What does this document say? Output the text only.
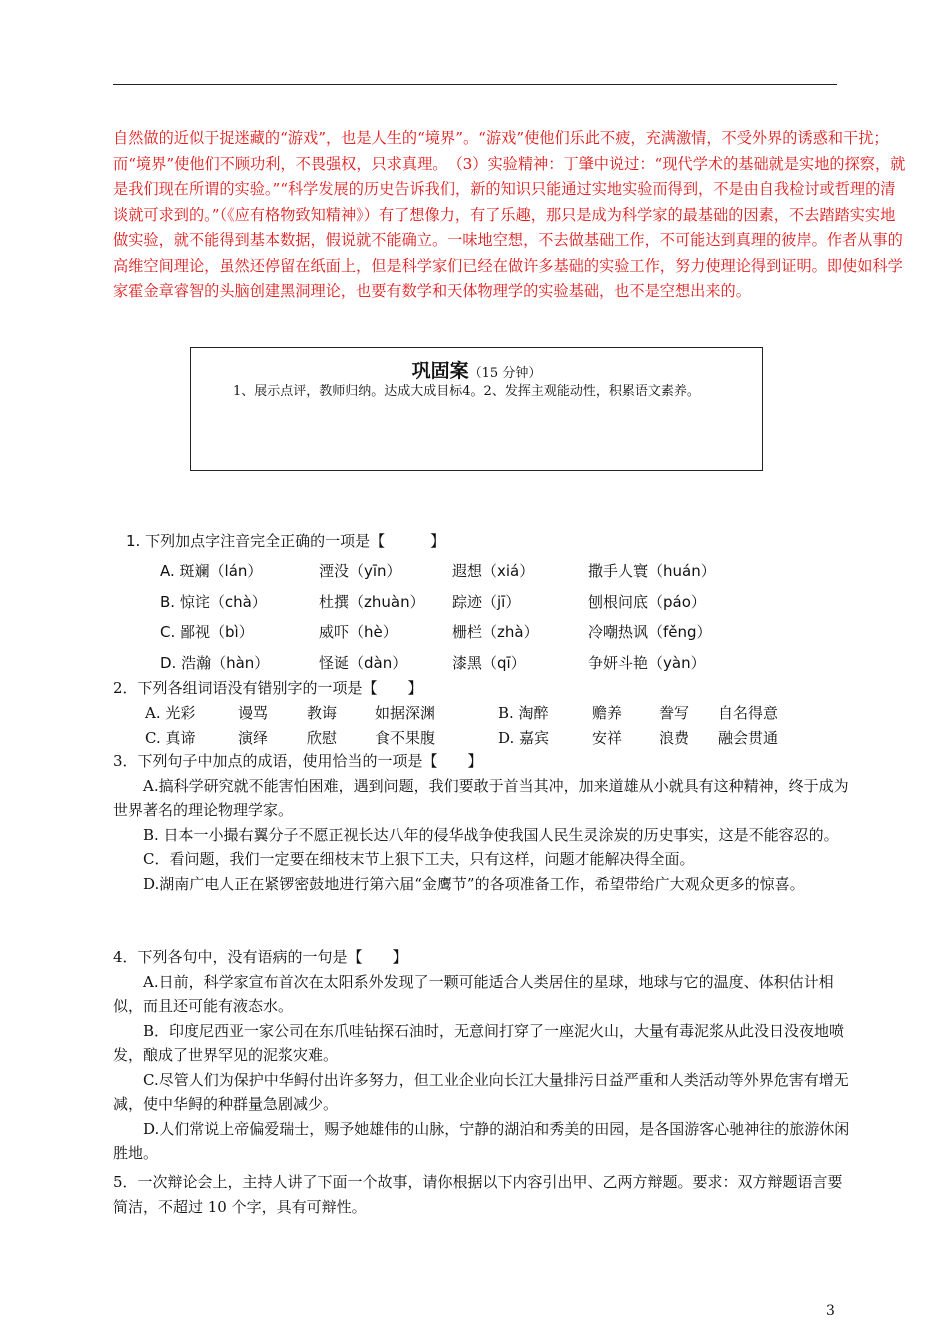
自然做的近似于捉迷藏的“游戏”，也是人生的“境界”。“游戏”使他们乐此不疲，充满激情，不受外界的诱惑和干扰；而“境界”使他们不顾功利，不畏强权，只求真理。　（3）实验精神：丁肇中说过：“现代学术的基础就是实地的探察，就是我们现在所谓的实验。”“科学发展的历史告诉我们，新的知识只能通过实地实验而得到，不是由自我检讨或哲理的清谈就可求到的。”（《应有格物致知精神》）有了想像力，有了乐趣，那只是成为科学家的最基础的因素，不去踏踏实实地做实验，就不能得到基本数据，假说就不能确立。一味地空想，不去做基础工作，不可能达到真理的彼岸。作者从事的高维空间理论，虽然还停留在纸面上，但是科学家们已经在做许多基础的实验工作，努力使理论得到证明。即使如科学家霍金章睿智的头脑创建黑洞理论，也要有数学和天体物理学的实验基础，也不是空想出来的。
巩固案（15 分钟）
1、展示点评，教师归纳。达成大成目标4。2、发挥主观能动性，积累语文素养。
1. 下列加点字注音完全正确的一项是【　　　】
A. 斑斓（lán）	湮没（yīn）	遐想（xiá）	撒手人寰（huán）
B. 惊诧（chà）	杜撰（zhuàn） 踪迹（jī）	刨根问底（páo）
C. 鄙视（bì）	威吓（hè）	栅栏（zhà）	冷嘲热讽（fěng）
D. 浩瀚（hàn）	怪诞（dàn）	漆黑（qī）	争妍斗艳（yàn）
2．下列各组词语没有错别字的一项是【　　】
A. 光彩	谩骂	教诲	如据深渊	B. 淘醉	赡养 誊写 自名得意
C. 真谛	演绎	欣慰	食不果腹	D. 嘉宾	安祥 浪费 融会贯通
3．下列句子中加点的成语，使用恰当的一项是【　　】
A.搞科学研究就不能害怕困难，遇到问题，我们要敢于首当其冲，加来道雄从小就具有这种精神，终于成为世界著名的理论物理学家。
B. 日本一小撮右翼分子不愿正视长达八年的侵华战争使我国人民生灵涂炭的历史事实，这是不能容忍的。
C．看问题，我们一定要在细枝末节上狠下工夫，只有这样，问题才能解决得全面。
D.湖南广电人正在紧锣密鼓地进行第六届“金鹰节”的各项准备工作，希望带给广大观众更多的惊喜。
4．下列各句中，没有语病的一句是【　　】
A.日前，科学家宣布首次在太阳系外发现了一颗可能适合人类居住的星球，地球与它的温度、体积估计相似，而且还可能有液态水。
B．印度尼西亚一家公司在东爪哇钻探石油时，无意间打穿了一座泥火山，大量有毒泥浆从此没日没夜地喷发，酿成了世界罕见的泥浆灾难。
C.尽管人们为保护中华鲟付出许多努力，但工业企业向长江大量排污日益严重和人类活动等外界危害有增无减，使中华鲟的种群量急剧减少。
D.人们常说上帝偏爱瑞士，赐予她雄伟的山脉，宁静的湖泊和秀美的田园，是各国游客心驰神往的旅游休闲胜地。
5．一次辩论会上，主持人讲了下面一个故事，请你根据以下内容引出甲、乙两方辩题。要求：双方辩题语言要简洁，不超过 10 个字，具有可辩性。
3
